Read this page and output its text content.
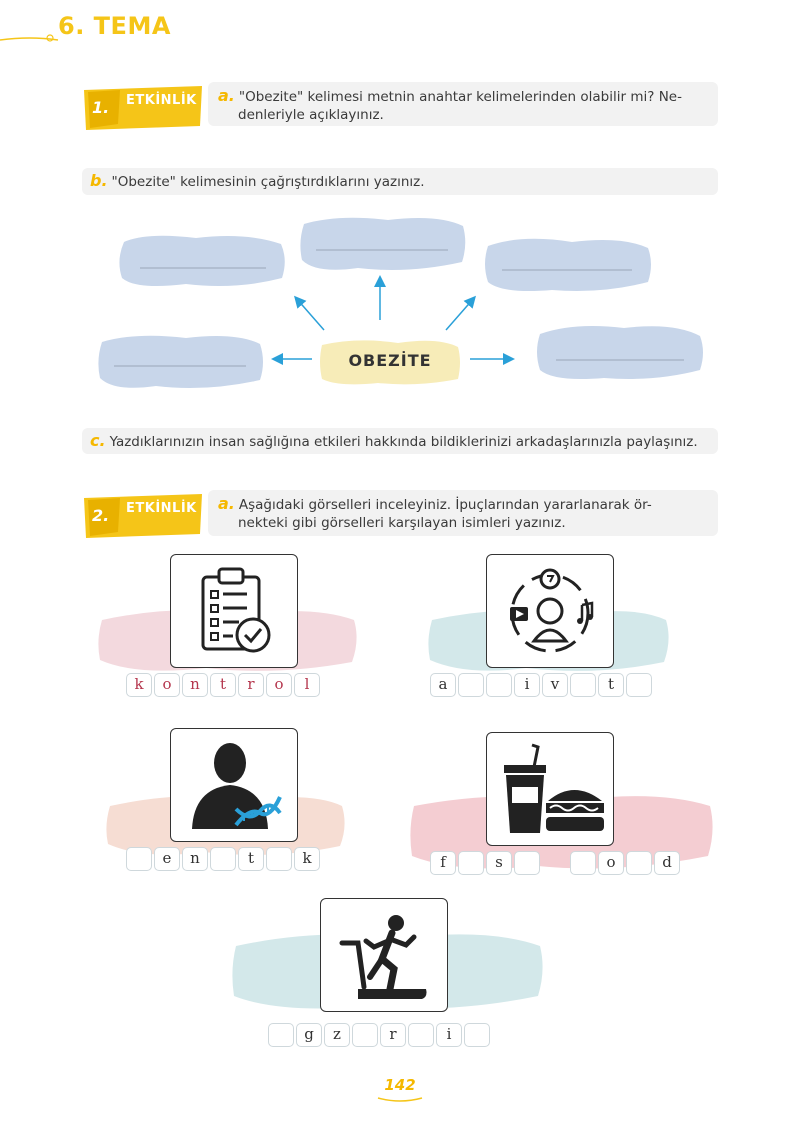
6. TEMA
1. ETKİNLİK	a. "Obezite" kelimesi metnin anahtar kelimelerinden olabilir mi? Ne-
denleriyle açıklayınız.
b. "Obezite" kelimesinin çağrıştırdıklarını yazınız.
OBEZİTE
c. Yazdıklarınızın insan sağlığına etkileri hakkında bildiklerinizi arkadaşlarınızla paylaşınız.
2. ETKİNLİK	a. Aşağıdaki görselleri inceleyiniz. İpuçlarından yararlanarak ör-
nekteki gibi görselleri karşılayan isimleri yazınız.
k	o	n	t	r	o	l	a	i	v	t
e	n	t	k	f	s	o	d
g	z	r	i
142
